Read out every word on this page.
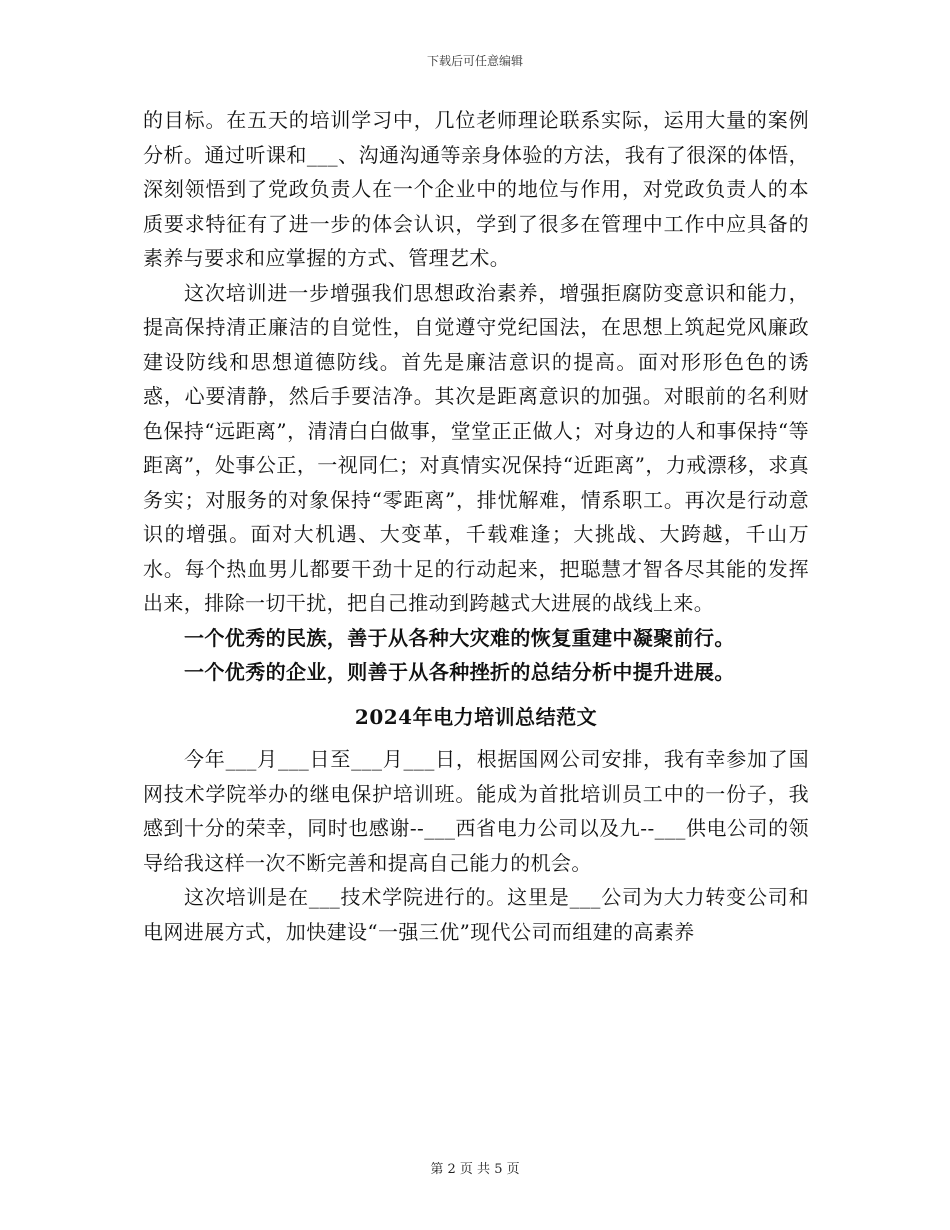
下载后可任意编辑

的目标。在五天的培训学习中，几位老师理论联系实际，运用大量的案例分析。通过听课和___、沟通沟通等亲身体验的方法，我有了很深的体悟，深刻领悟到了党政负责人在一个企业中的地位与作用，对党政负责人的本质要求特征有了进一步的体会认识，学到了很多在管理中工作中应具备的素养与要求和应掌握的方式、管理艺术。

这次培训进一步增强我们思想政治素养，增强拒腐防变意识和能力，提高保持清正廉洁的自觉性，自觉遵守党纪国法，在思想上筑起党风廉政建设防线和思想道德防线。首先是廉洁意识的提高。面对形形色色的诱惑，心要清静，然后手要洁净。其次是距离意识的加强。对眼前的名利财色保持“远距离”，清清白白做事，堂堂正正做人；对身边的人和事保持“等距离”，处事公正，一视同仁；对真情实况保持“近距离”，力戒漂移，求真务实；对服务的对象保持“零距离”，排忧解难，情系职工。再次是行动意识的增强。面对大机遇、大变革，千载难逢；大挑战、大跨越，千山万水。每个热血男儿都要干劲十足的行动起来，把聪慧才智各尽其能的发挥出来，排除一切干扰，把自己推动到跨越式大进展的战线上来。

一个优秀的民族，善于从各种大灾难的恢复重建中凝聚前行。

一个优秀的企业，则善于从各种挫折的总结分析中提升进展。

2024年电力培训总结范文

今年___月___日至___月___日，根据国网公司安排，我有幸参加了国网技术学院举办的继电保护培训班。能成为首批培训员工中的一份子，我感到十分的荣幸，同时也感谢--___西省电力公司以及九--___供电公司的领导给我这样一次不断完善和提高自己能力的机会。

这次培训是在___技术学院进行的。这里是___公司为大力转变公司和电网进展方式，加快建设“一强三优”现代公司而组建的高素养

第 2 页 共 5 页
